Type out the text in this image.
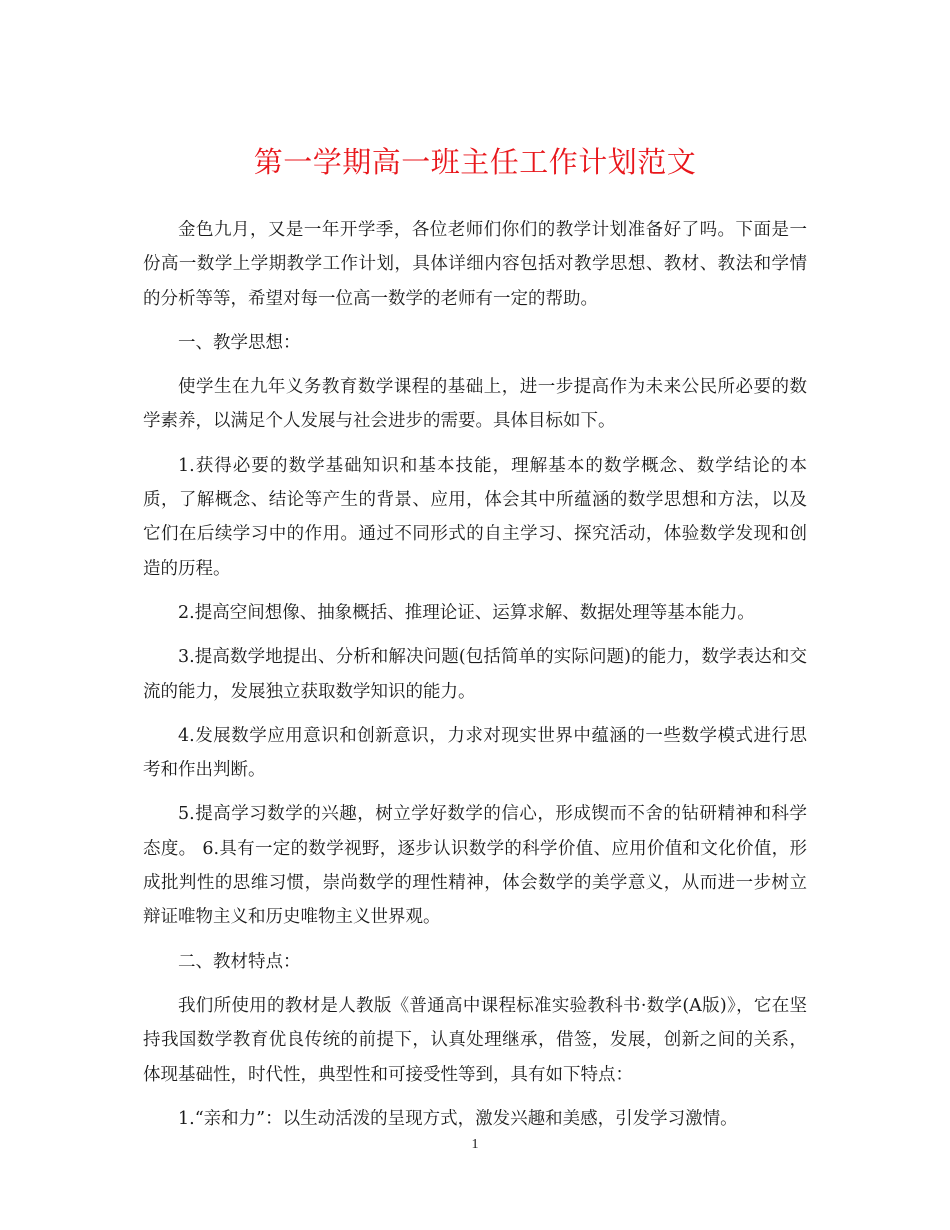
第一学期高一班主任工作计划范文

金色九月，又是一年开学季，各位老师们你们的教学计划准备好了吗。下面是一份高一数学上学期教学工作计划，具体详细内容包括对教学思想、教材、教法和学情的分析等等，希望对每一位高一数学的老师有一定的帮助。

一、教学思想：

使学生在九年义务教育数学课程的基础上，进一步提高作为未来公民所必要的数学素养，以满足个人发展与社会进步的需要。具体目标如下。

1.获得必要的数学基础知识和基本技能，理解基本的数学概念、数学结论的本质，了解概念、结论等产生的背景、应用，体会其中所蕴涵的数学思想和方法，以及它们在后续学习中的作用。通过不同形式的自主学习、探究活动，体验数学发现和创造的历程。

2.提高空间想像、抽象概括、推理论证、运算求解、数据处理等基本能力。

3.提高数学地提出、分析和解决问题(包括简单的实际问题)的能力，数学表达和交流的能力，发展独立获取数学知识的能力。

4.发展数学应用意识和创新意识，力求对现实世界中蕴涵的一些数学模式进行思考和作出判断。

5.提高学习数学的兴趣，树立学好数学的信心，形成锲而不舍的钻研精神和科学态度。 6.具有一定的数学视野，逐步认识数学的科学价值、应用价值和文化价值，形成批判性的思维习惯，崇尚数学的理性精神，体会数学的美学意义，从而进一步树立辩证唯物主义和历史唯物主义世界观。

二、教材特点：

我们所使用的教材是人教版《普通高中课程标准实验教科书·数学(A版)》，它在坚持我国数学教育优良传统的前提下，认真处理继承，借签，发展，创新之间的关系，体现基础性，时代性，典型性和可接受性等到，具有如下特点：

1.“亲和力”：以生动活泼的呈现方式，激发兴趣和美感，引发学习激情。

1
